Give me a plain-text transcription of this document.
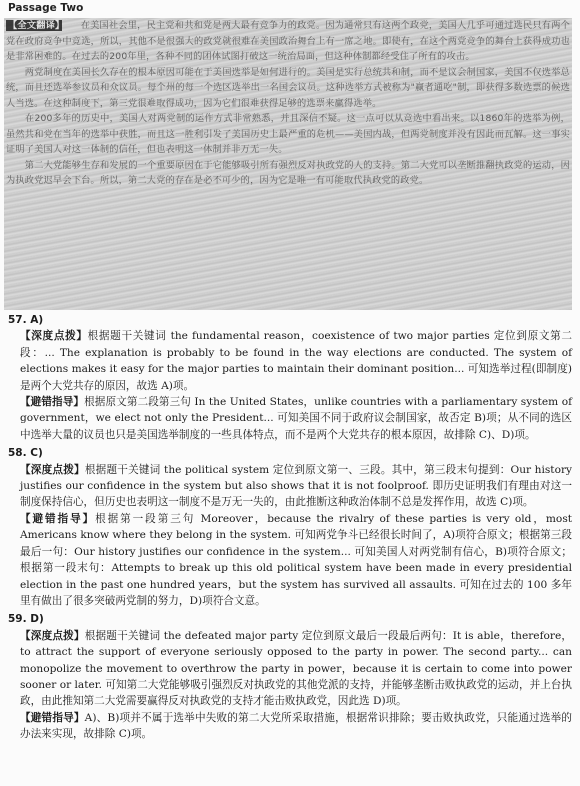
Passage Two
【全文翻译】　　在美国社会里，民主党和共和党是两大最有竞争力的政党。因为通常只有这两个政党，美国人几乎可通过选民只有两个党在政府竞争中竞选，所以，其他不是很强大的政党就很难在美国政治舞台上有一席之地。即使有，在这个两党竞争的舞台上获得成功也是非常困难的。在过去的200年里，各种不同的团体试图打破这一统治局面，但这种体制都经受住了所有的攻击。
　　两党制度在美国长久存在的根本原因可能在于美国选举是如何进行的。美国是实行总统共和制，而不是议会制国家，美国不仅选举总统，而且还选举参议员和众议员。每个州的每一个选区选举出一名国会议员。这种选举方式被称为"赢者通吃"制，即获得多数选票的候选人当选。在这种制度下，第三党很难取得成功，因为它们很难获得足够的选票来赢得选举。
　　在200多年的历史中，美国人对两党制的运作方式非常熟悉，并且深信不疑。这一点可以从竞选中看出来。以1860年的选举为例，虽然共和党在当年的选举中获胜，而且这一胜利引发了美国历史上最严重的危机——美国内战，但两党制度并没有因此而瓦解。这一事实证明了美国人对这一体制的信任，但也表明这一体制并非万无一失。
　　第二大党能够生存和发展的一个重要原因在于它能够吸引所有强烈反对执政党的人的支持。第二大党可以垄断推翻执政党的运动，因为执政党迟早会下台。所以，第二大党的存在是必不可少的，因为它是唯一有可能取代执政党的政党。
57. A)

【深度点拨】根据题干关键词 the fundamental reason，coexistence of two major parties 定位到原文第二段：... The explanation is probably to be found in the way elections are conducted. The system of elections makes it easy for the major parties to maintain their dominant position... 可知选举过程(即制度)是两个大党共存的原因，故选 A)项。

【避错指导】根据原文第二段第三句 In the United States，unlike countries with a parliamentary system of government，we elect not only the President... 可知美国不同于政府议会制国家，故否定 B)项；从不同的选区中选举大量的议员也只是美国选举制度的一些具体特点，而不是两个大党共存的根本原因，故排除 C)、D)项。

58. C)

【深度点拨】根据题干关键词 the political system 定位到原文第一、三段。其中，第三段末句提到：Our history justifies our confidence in the system but also shows that it is not foolproof. 即历史证明我们有理由对这一制度保持信心，但历史也表明这一制度不是万无一失的，由此推断这种政治体制不总是发挥作用，故选 C)项。

【避错指导】根据第一段第三句 Moreover，because the rivalry of these parties is very old，most Americans know where they belong in the system. 可知两党争斗已经很长时间了，A)项符合原文；根据第三段最后一句：Our history justifies our confidence in the system... 可知美国人对两党制有信心，B)项符合原文；根据第一段末句：Attempts to break up this old political system have been made in every presidential election in the past one hundred years，but the system has survived all assaults. 可知在过去的 100 多年里有做出了很多突破两党制的努力，D)项符合文意。

59. D)

【深度点拨】根据题干关键词 the defeated major party 定位到原文最后一段最后两句：It is able，therefore，to attract the support of everyone seriously opposed to the party in power. The second party... can monopolize the movement to overthrow the party in power，because it is certain to come into power sooner or later. 可知第二大党能够吸引强烈反对执政党的其他党派的支持，并能够垄断击败执政党的运动，并上台执政，由此推知第二大党需要赢得反对执政党的支持才能击败执政党，因此选 D)项。

【避错指导】A)、B)项并不属于选举中失败的第二大党所采取措施，根据常识排除；要击败执政党，只能通过选举的办法来实现，故排除 C)项。
